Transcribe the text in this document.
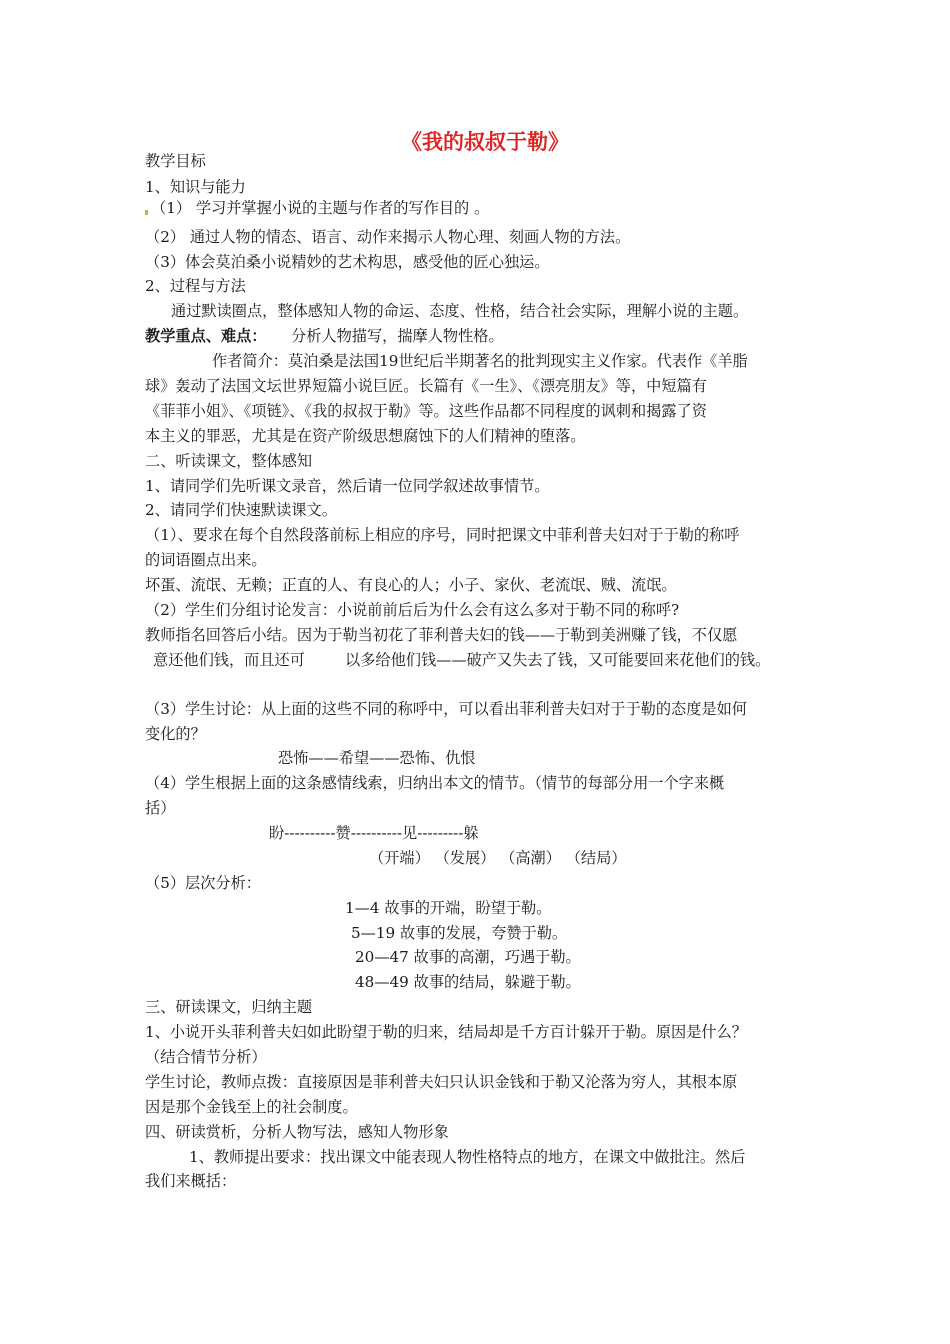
《我的叔叔于勒》
教学目标
1、知识与能力
（1） 学习并掌握小说的主题与作者的写作目的 。
（2） 通过人物的情态、语言、动作来揭示人物心理、刻画人物的方法。
（3）体会莫泊桑小说精妙的艺术构思，感受他的匠心独运。
2、过程与方法
通过默读圈点，整体感知人物的命运、态度、性格，结合社会实际，理解小说的主题。
教学重点、难点： 分析人物描写，揣摩人物性格。
作者简介：莫泊桑是法国19世纪后半期著名的批判现实主义作家。代表作《羊脂
球》轰动了法国文坛世界短篇小说巨匠。长篇有《一生》、《漂亮朋友》等，中短篇有
《菲菲小姐》、《项链》、《我的叔叔于勒》等。这些作品都不同程度的讽刺和揭露了资
本主义的罪恶，尤其是在资产阶级思想腐蚀下的人们精神的堕落。
二、听读课文，整体感知
1、请同学们先听课文录音，然后请一位同学叙述故事情节。
2、请同学们快速默读课文。
（1）、要求在每个自然段落前标上相应的序号，同时把课文中菲利普夫妇对于于勒的称呼
的词语圈点出来。
坏蛋、流氓、无赖；正直的人、有良心的人；小子、家伙、老流氓、贼、流氓。
（2）学生们分组讨论发言：小说前前后后为什么会有这么多对于勒不同的称呼?
教师指名回答后小结。因为于勒当初花了菲利普夫妇的钱——于勒到美洲赚了钱，不仅愿
意还他们钱，而且还可	以多给他们钱——破产又失去了钱，又可能要回来花他们的钱。
（3）学生讨论：从上面的这些不同的称呼中，可以看出菲利普夫妇对于于勒的态度是如何
变化的？
恐怖——希望——恐怖、仇恨
（4）学生根据上面的这条感情线索，归纳出本文的情节。（情节的每部分用一个字来概
括）
盼----------赞----------见---------躲
（开端） （发展） （高潮） （结局）
（5）层次分析：
1—4 故事的开端，盼望于勒。
5—19 故事的发展，夸赞于勒。
20—47 故事的高潮，巧遇于勒。
48—49 故事的结局，躲避于勒。
三、研读课文，归纳主题
1、小说开头菲利普夫妇如此盼望于勒的归来，结局却是千方百计躲开于勒。原因是什么？
（结合情节分析）
学生讨论，教师点拨：直接原因是菲利普夫妇只认识金钱和于勒又沦落为穷人，其根本原
因是那个金钱至上的社会制度。
四、研读赏析，分析人物写法，感知人物形象
1、教师提出要求：找出课文中能表现人物性格特点的地方，在课文中做批注。然后
我们来概括：
